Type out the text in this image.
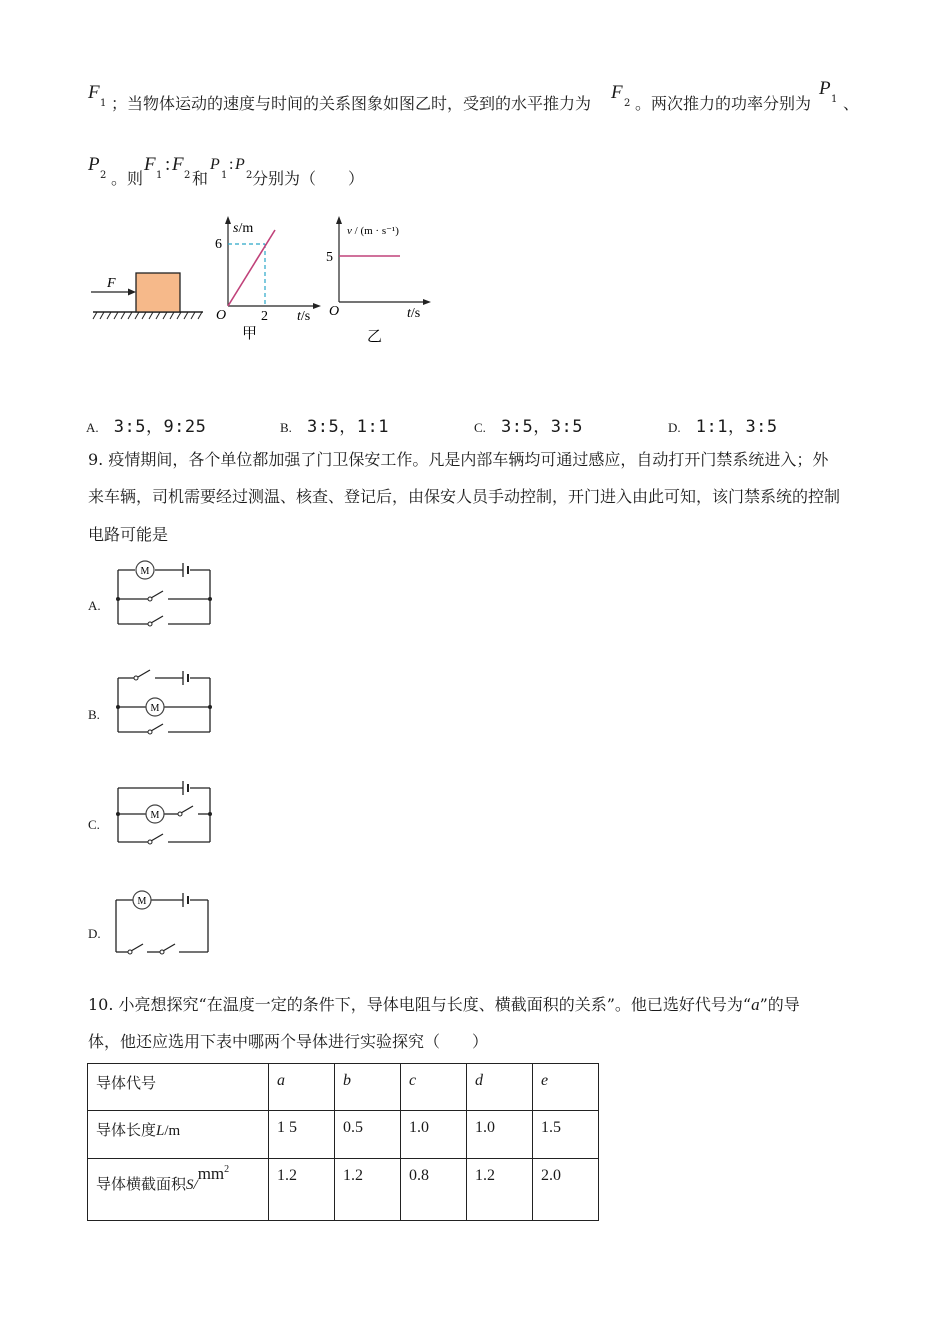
F
1 ；当物体运动的速度与时间的关系图象如图乙时，受到的水平推力为
F
2 。两次推力的功率分别为
P
1 、
P
2 。则
F
1
: F
2 和
P
1
: P
2 分别为（　　）
F
s/m
6
2
O	t/s
甲
v / (m · s⁻¹)
5
O	t/s
乙
A. 3:5，9:25	B. 3:5，1:1	C. 3:5，3:5	D. 1:1，3:5
9. 疫情期间，各个单位都加强了门卫保安工作。凡是内部车辆均可通过感应，自动打开门禁系统进入；外
来车辆，司机需要经过测温、核查、登记后，由保安人员手动控制，开门进入由此可知，该门禁系统的控制
电路可能是
A.
M
B.	M
C.
M
D.
M
10. 小亮想探究“在温度一定的条件下，导体电阻与长度、横截面积的关系”。他已选好代号为“a”的导
体，他还应选用下表中哪两个导体进行实验探究（　　）
导体代号	a	b	c	d	e
导体长度L/m	1 5	0.5	1.0	1.0	1.5
导体横截面积$S/mm^2$	1.2	1.2	0.8	1.2	2.0
